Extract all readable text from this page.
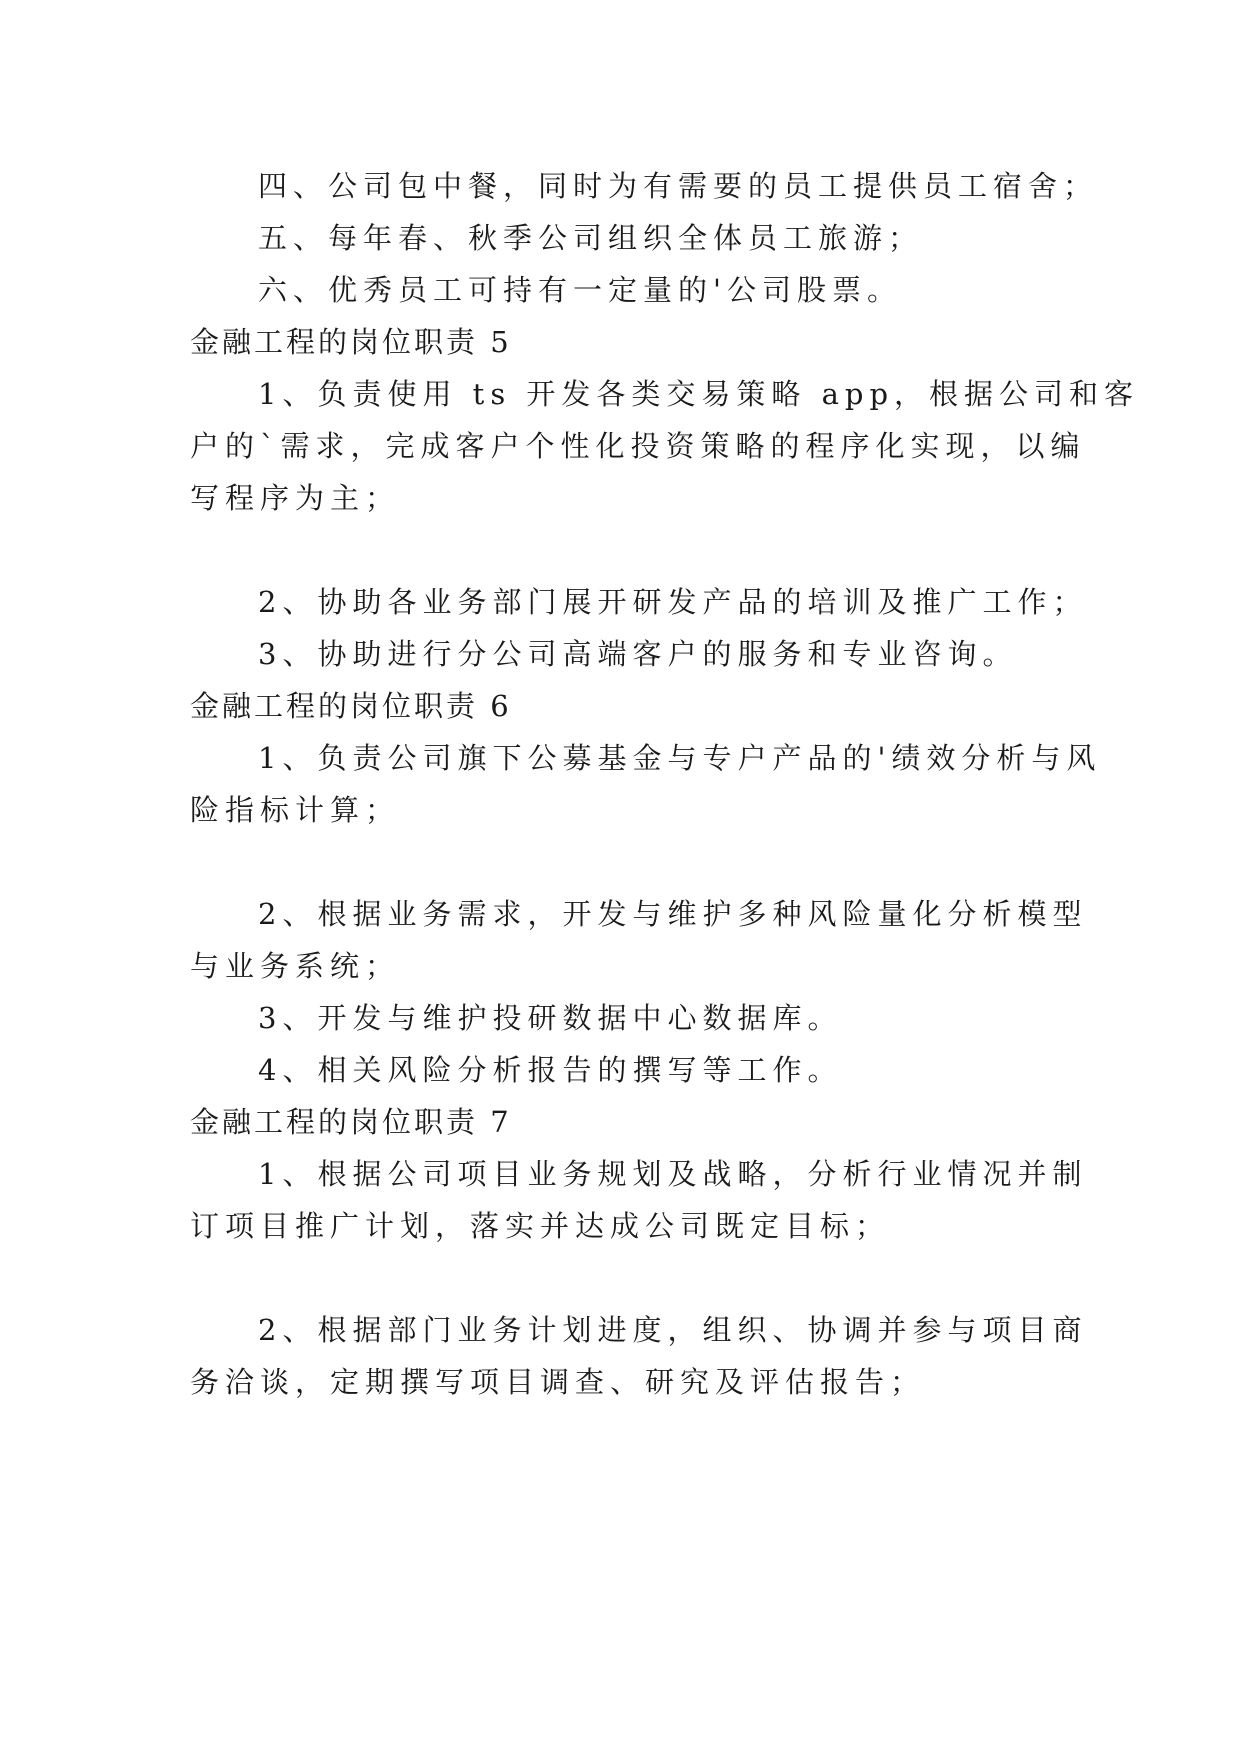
四、公司包中餐，同时为有需要的员工提供员工宿舍；
五、每年春、秋季公司组织全体员工旅游；
六、优秀员工可持有一定量的'公司股票。
金融工程的岗位职责 5
1、负责使用 ts 开发各类交易策略 app，根据公司和客
户的`需求，完成客户个性化投资策略的程序化实现，以编
写程序为主；
2、协助各业务部门展开研发产品的培训及推广工作；
3、协助进行分公司高端客户的服务和专业咨询。
金融工程的岗位职责 6
1、负责公司旗下公募基金与专户产品的'绩效分析与风
险指标计算；
2、根据业务需求，开发与维护多种风险量化分析模型
与业务系统；
3、开发与维护投研数据中心数据库。
4、相关风险分析报告的撰写等工作。
金融工程的岗位职责 7
1、根据公司项目业务规划及战略，分析行业情况并制
订项目推广计划，落实并达成公司既定目标；
2、根据部门业务计划进度，组织、协调并参与项目商
务洽谈，定期撰写项目调查、研究及评估报告；
